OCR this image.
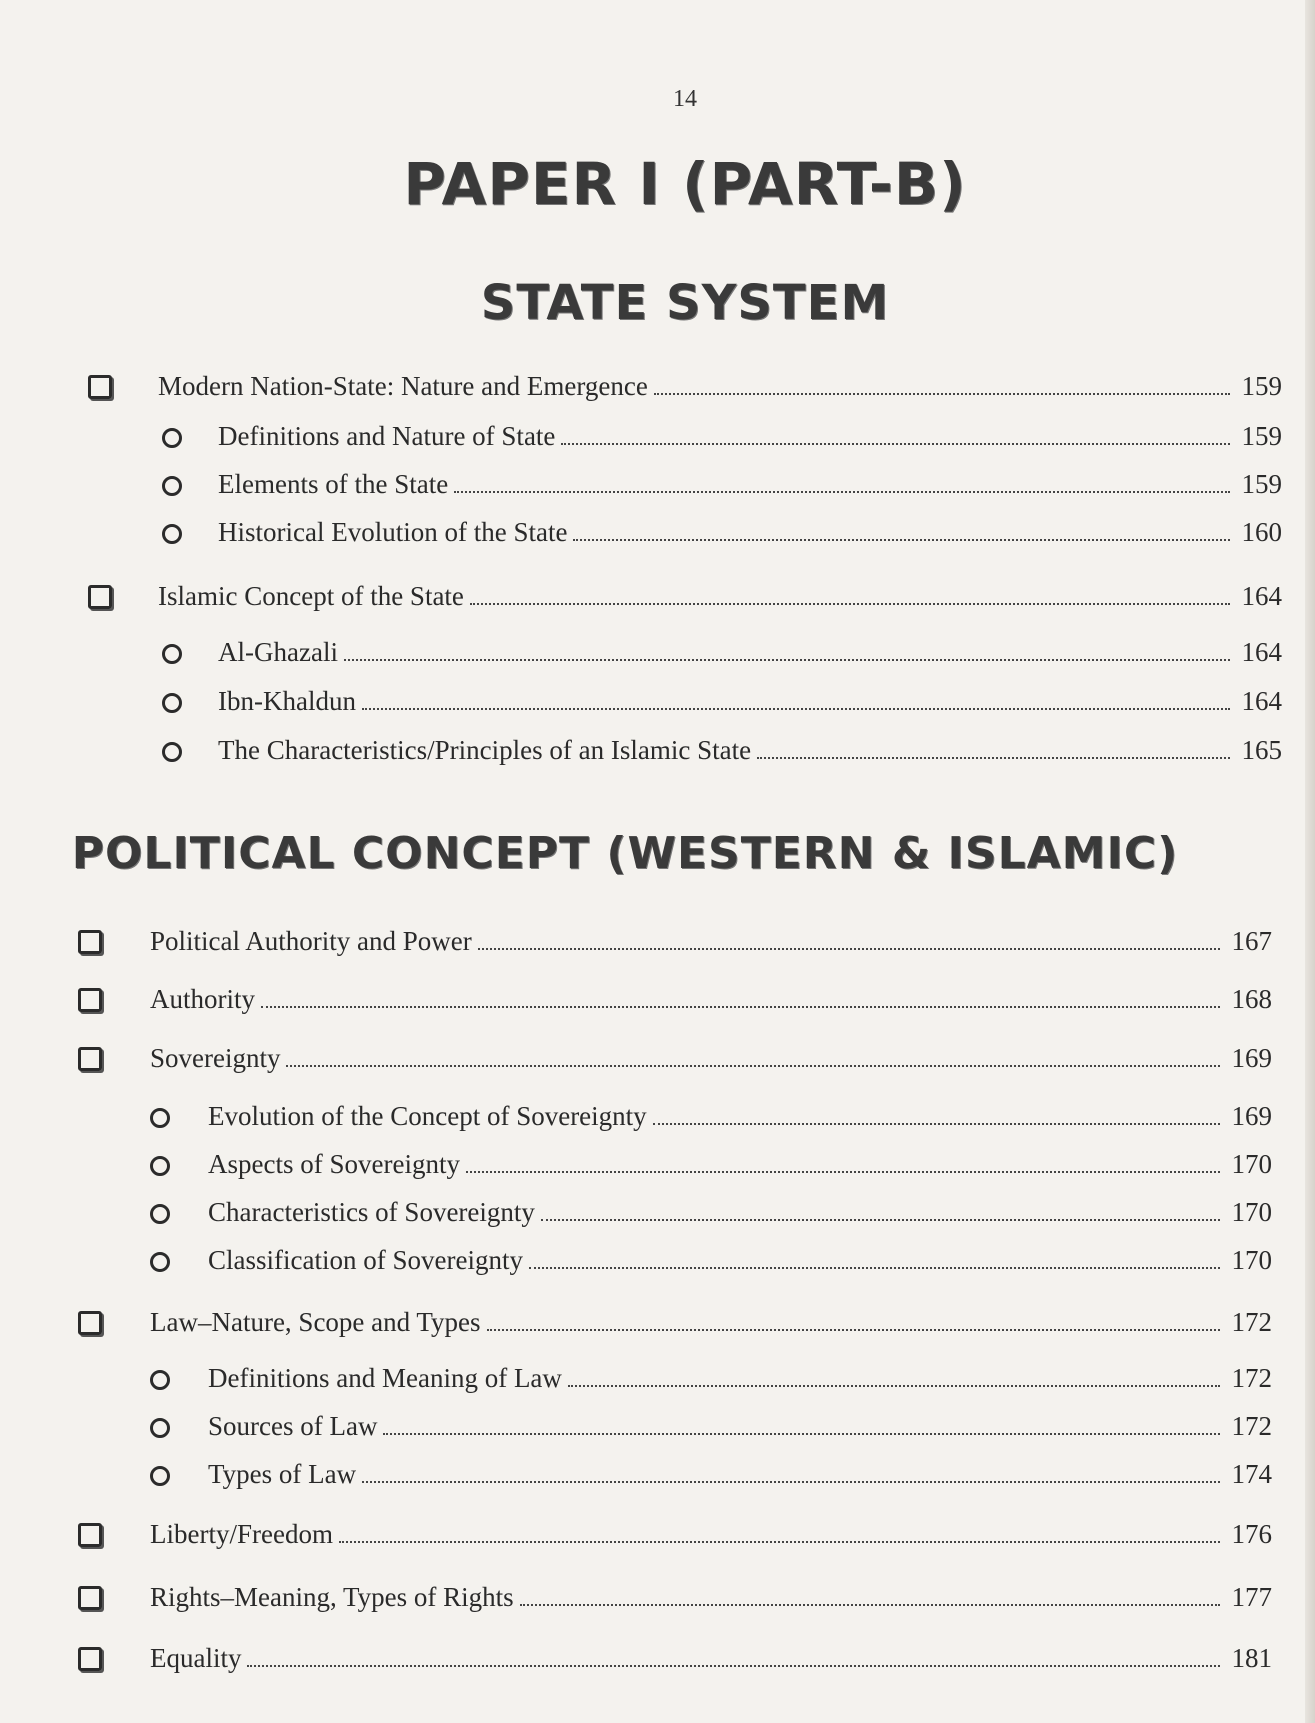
14
PAPER I (PART-B)
STATE SYSTEM
POLITICAL CONCEPT (WESTERN & ISLAMIC)
Modern Nation-State: Nature and Emergence	159
Definitions and Nature of State	159
Elements of the State	159
Historical Evolution of the State	160
Islamic Concept of the State	164
Al-Ghazali	164
Ibn-Khaldun	164
The Characteristics/Principles of an Islamic State	165
Political Authority and Power	167
Authority	168
Sovereignty	169
Evolution of the Concept of Sovereignty	169
Aspects of Sovereignty	170
Characteristics of Sovereignty	170
Classification of Sovereignty	170
Law–Nature, Scope and Types	172
Definitions and Meaning of Law	172
Sources of Law	172
Types of Law	174
Liberty/Freedom	176
Rights–Meaning, Types of Rights	177
Equality	181
